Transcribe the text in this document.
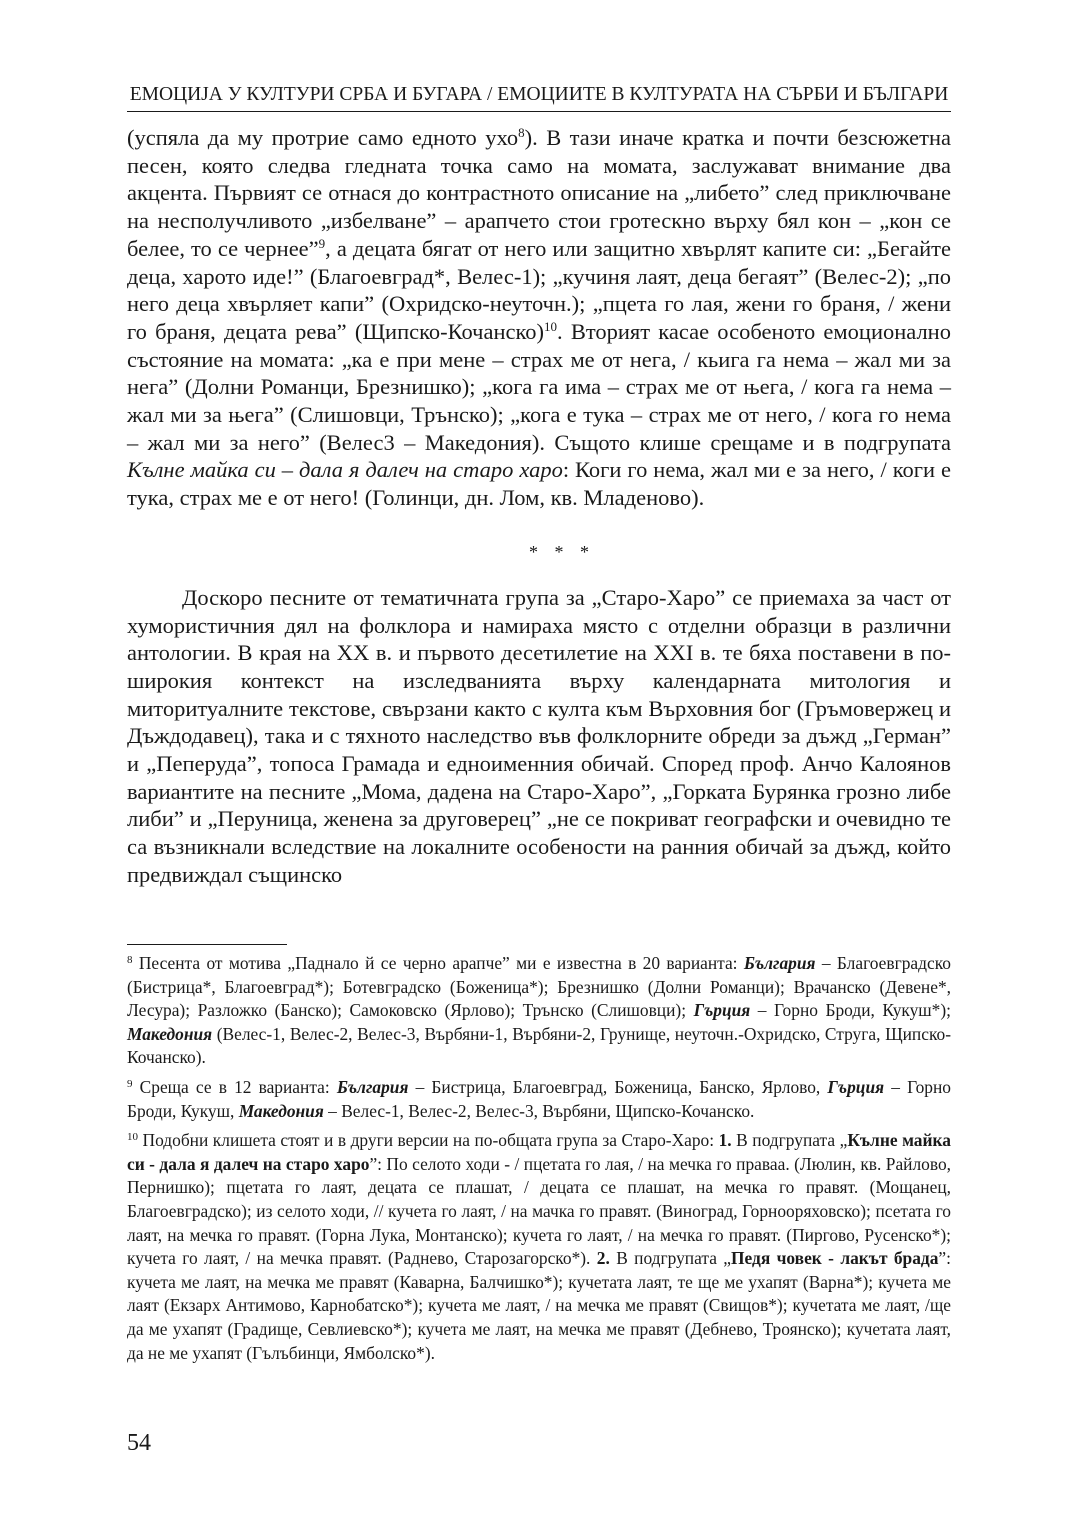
ЕМОЦИЈА У КУЛТУРИ СРБА И БУГАРА / ЕМОЦИИТЕ В КУЛТУРАТА НА СЪРБИ И БЪЛГАРИ

(успяла да му протрие само едното ухо$^8$). В тази иначе кратка и почти безсюжетна песен, която следва гледната точка само на момата, заслужават внимание два акцента. Първият се отнася до контрастното описание на „либето” след приключване на несполучливото „избелване” – арапчето стои гротескно върху бял кон – „кон се белее, то се чернее”$^9$, а децата бягат от него или защитно хвърлят капите си: „Бегайте деца, харото иде!” (Благоевград*, Велес-1); „кучиня лаят, деца бегаят” (Велес-2); „по него деца хвърляет капи” (Охридско-неуточн.); „пцета го лая, жени го браня, / жени го браня, децата рева” (Щипско-Кочанско)$^{10}$. Вторият касае особеното емоционално състояние на момата: „ка е при мене – страх ме от нега, / кьига га нема – жал ми за нега” (Долни Романци, Брезнишко); „кога га има – страх ме от њега, / кога га нема – жал ми за њега” (Слишовци, Трънско); „кога е тука – страх ме от него, / кога го нема – жал ми за него” (Велес3 – Македония). Същото клише срещаме и в подгрупата Кълне майка си – дала я далеч на старо харо: Коги го нема, жал ми е за него, / коги е тука, страх ме е от него! (Голинци, дн. Лом, кв. Младеново).

* * *

Доскоро песните от тематичната група за „Старо-Харо” се приемаха за част от хумористичния дял на фолклора и намираха място с отделни образци в различни антологии. В края на XX в. и първото десетилетие на XXI в. те бяха поставени в по-широкия контекст на изследванията върху календарната митология и миторитуалните текстове, свързани както с култа към Върховния бог (Гръмовержец и Дъждодавец), така и с тяхното наследство във фолклорните обреди за дъжд „Герман” и „Пеперуда”, топоса Грамада и едноименния обичай. Според проф. Анчо Калоянов вариантите на песните „Мома, дадена на Старо-Харо”, „Горката Бурянка грозно либе либи” и „Перуница, женена за друговерец” „не се покриват географски и очевидно те са възникнали вследствие на локалните особености на ранния обичай за дъжд, който предвиждал същинско

$^8$ Песента от мотива „Паднало й се черно арапче” ми е известна в 20 варианта: България – Благоевградско (Бистрица*, Благоевград*); Ботевградско (Боженица*); Брезнишко (Долни Романци); Врачанско (Девене*, Лесура); Разложко (Банско); Самоковско (Ярлово); Трънско (Слишовци); Гърция – Горно Броди, Кукуш*); Македония (Велес-1, Велес-2, Велес-3, Върбяни-1, Върбяни-2, Грунище, неуточн.-Охридско, Струга, Щипско-Кочанско).

$^9$ Среща се в 12 варианта: България – Бистрица, Благоевград, Боженица, Банско, Ярлово, Гърция – Горно Броди, Кукуш, Македония – Велес-1, Велес-2, Велес-3, Върбяни, Щипско-Кочанско.

$^{10}$ Подобни клишета стоят и в други версии на по-общата група за Старо-Харо: 1. В подгрупата „Кълне майка си - дала я далеч на старо харо”: По селото ходи - / пцетата го лая, / на мечка го праваа. (Люлин, кв. Райлово, Пернишко); пцетата го лаят, децата се плашат, / децата се плашат, на мечка го правят. (Мощанец, Благоевградско); из селото ходи, // кучета го лаят, / на мачка го правят. (Виноград, Горнооряховско); псетата го лаят, на мечка го правят. (Горна Лука, Монтанско); кучета го лаят, / на мечка го правят. (Пиргово, Русенско*); кучета го лаят, / на мечка правят. (Раднево, Старозагорско*). 2. В подгрупата „Педя човек - лакът брада”: кучета ме лаят, на мечка ме правят (Каварна, Балчишко*); кучетата лаят, те ще ме ухапят (Варна*); кучета ме лаят (Екзарх Антимово, Карнобатско*); кучета ме лаят, / на мечка ме правят (Свищов*); кучетата ме лаят, /ще да ме ухапят (Градище, Севлиевско*); кучета ме лаят, на мечка ме правят (Дебнево, Троянско); кучетата лаят, да не ме ухапят (Гълъбинци, Ямболско*).

54
